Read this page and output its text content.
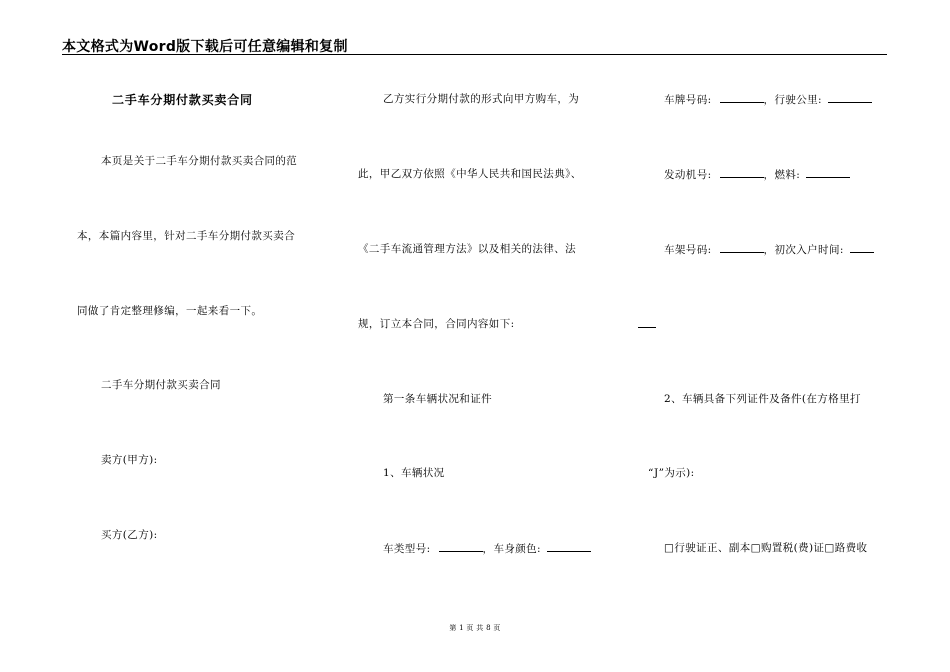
本文格式为Word版下载后可任意编辑和复制
二手车分期付款买卖合同
本页是关于二手车分期付款买卖合同的范
本，本篇内容里，针对二手车分期付款买卖合
同做了肯定整理修编，一起来看一下。
二手车分期付款买卖合同
卖方(甲方):
买方(乙方):
乙方实行分期付款的形式向甲方购车，为
此，甲乙双方依照《中华人民共和国民法典》、
《二手车流通管理方法》以及相关的法律、法
规，订立本合同，合同内容如下:
第一条车辆状况和证件
1、车辆状况
车类型号:	，车身颜色:
车牌号码:	，行驶公里:
发动机号:	，燃料:
车架号码:	，初次入户时间:
2、车辆具备下列证件及备件(在方格里打
“J”为示):
□行驶证正、副本□购置税(费)证□路费收
第 1 页 共 8 页
